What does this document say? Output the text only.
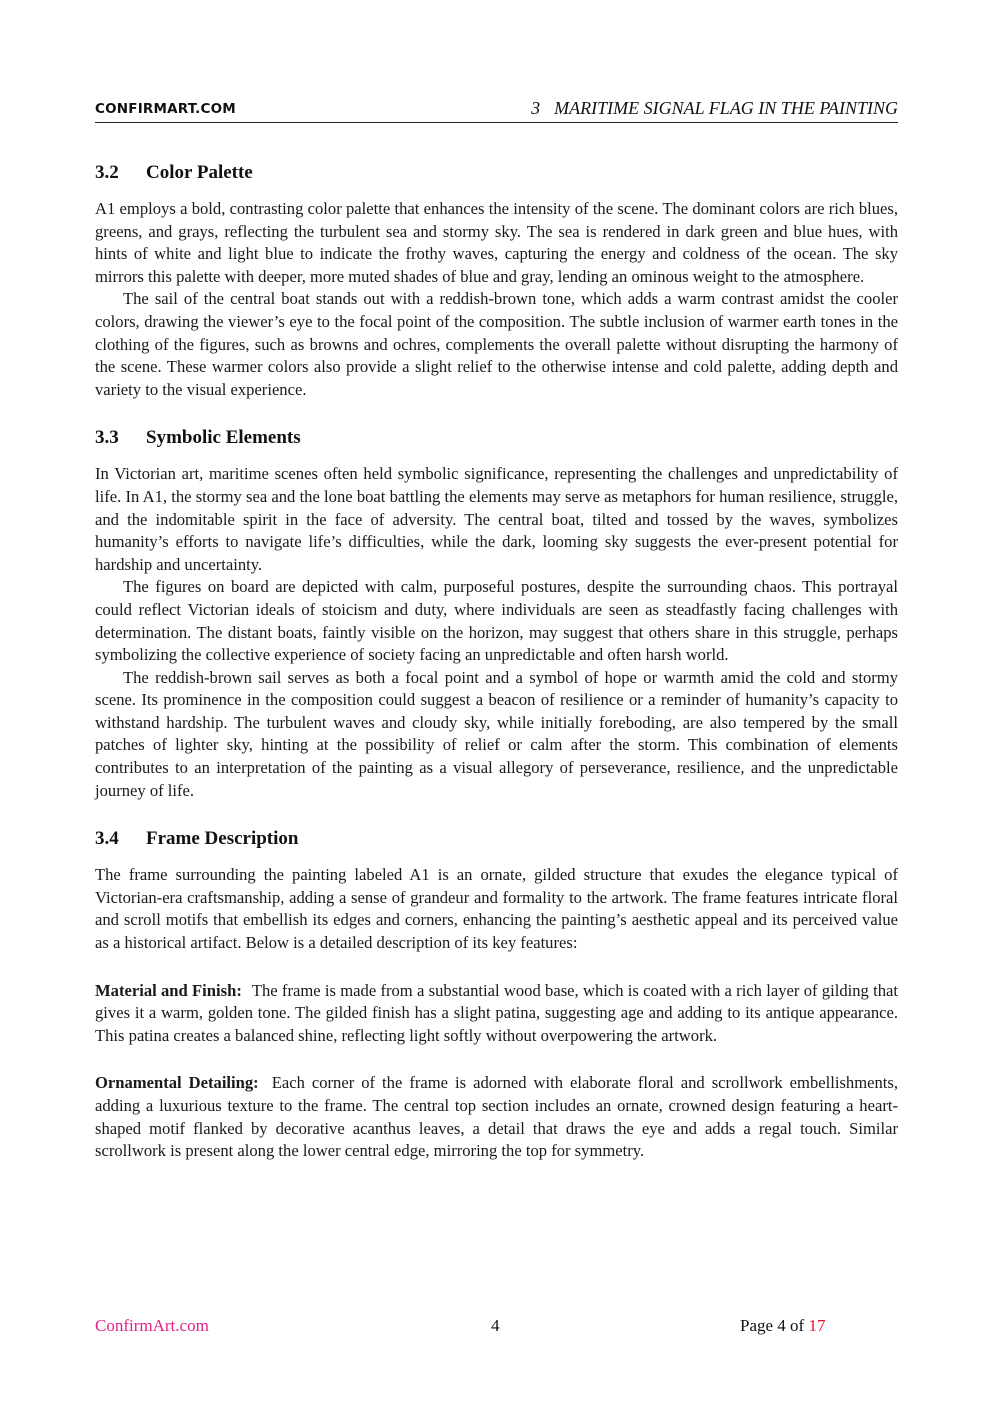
CONFIRMART.COM	3 MARITIME SIGNAL FLAG IN THE PAINTING
3.2 Color Palette

A1 employs a bold, contrasting color palette that enhances the intensity of the scene. The dominant colors are rich blues, greens, and grays, reflecting the turbulent sea and stormy sky. The sea is rendered in dark green and blue hues, with hints of white and light blue to indicate the frothy waves, capturing the energy and coldness of the ocean. The sky mirrors this palette with deeper, more muted shades of blue and gray, lending an ominous weight to the atmosphere.

The sail of the central boat stands out with a reddish-brown tone, which adds a warm contrast amidst the cooler colors, drawing the viewer’s eye to the focal point of the composition. The subtle inclusion of warmer earth tones in the clothing of the figures, such as browns and ochres, complements the overall palette without disrupting the harmony of the scene. These warmer colors also provide a slight relief to the otherwise intense and cold palette, adding depth and variety to the visual experience.

3.3 Symbolic Elements

In Victorian art, maritime scenes often held symbolic significance, representing the challenges and unpredictability of life. In A1, the stormy sea and the lone boat battling the elements may serve as metaphors for human resilience, struggle, and the indomitable spirit in the face of adversity. The central boat, tilted and tossed by the waves, symbolizes humanity’s efforts to navigate life’s difficulties, while the dark, looming sky suggests the ever-present potential for hardship and uncertainty.

The figures on board are depicted with calm, purposeful postures, despite the surrounding chaos. This portrayal could reflect Victorian ideals of stoicism and duty, where individuals are seen as steadfastly facing challenges with determination. The distant boats, faintly visible on the horizon, may suggest that others share in this struggle, perhaps symbolizing the collective experience of society facing an unpredictable and often harsh world.

The reddish-brown sail serves as both a focal point and a symbol of hope or warmth amid the cold and stormy scene. Its prominence in the composition could suggest a beacon of resilience or a reminder of humanity’s capacity to withstand hardship. The turbulent waves and cloudy sky, while initially foreboding, are also tempered by the small patches of lighter sky, hinting at the possibility of relief or calm after the storm. This combination of elements contributes to an interpretation of the painting as a visual allegory of perseverance, resilience, and the unpredictable journey of life.

3.4 Frame Description

The frame surrounding the painting labeled A1 is an ornate, gilded structure that exudes the elegance typical of Victorian-era craftsmanship, adding a sense of grandeur and formality to the artwork. The frame features intricate floral and scroll motifs that embellish its edges and corners, enhancing the painting’s aesthetic appeal and its perceived value as a historical artifact. Below is a detailed description of its key features:

Material and Finish: The frame is made from a substantial wood base, which is coated with a rich layer of gilding that gives it a warm, golden tone. The gilded finish has a slight patina, suggesting age and adding to its antique appearance. This patina creates a balanced shine, reflecting light softly without overpowering the artwork.

Ornamental Detailing: Each corner of the frame is adorned with elaborate floral and scrollwork embellishments, adding a luxurious texture to the frame. The central top section includes an ornate, crowned design featuring a heart-shaped motif flanked by decorative acanthus leaves, a detail that draws the eye and adds a regal touch. Similar scrollwork is present along the lower central edge, mirroring the top for symmetry.

ConfirmArt.com	4	Page 4 of 17
